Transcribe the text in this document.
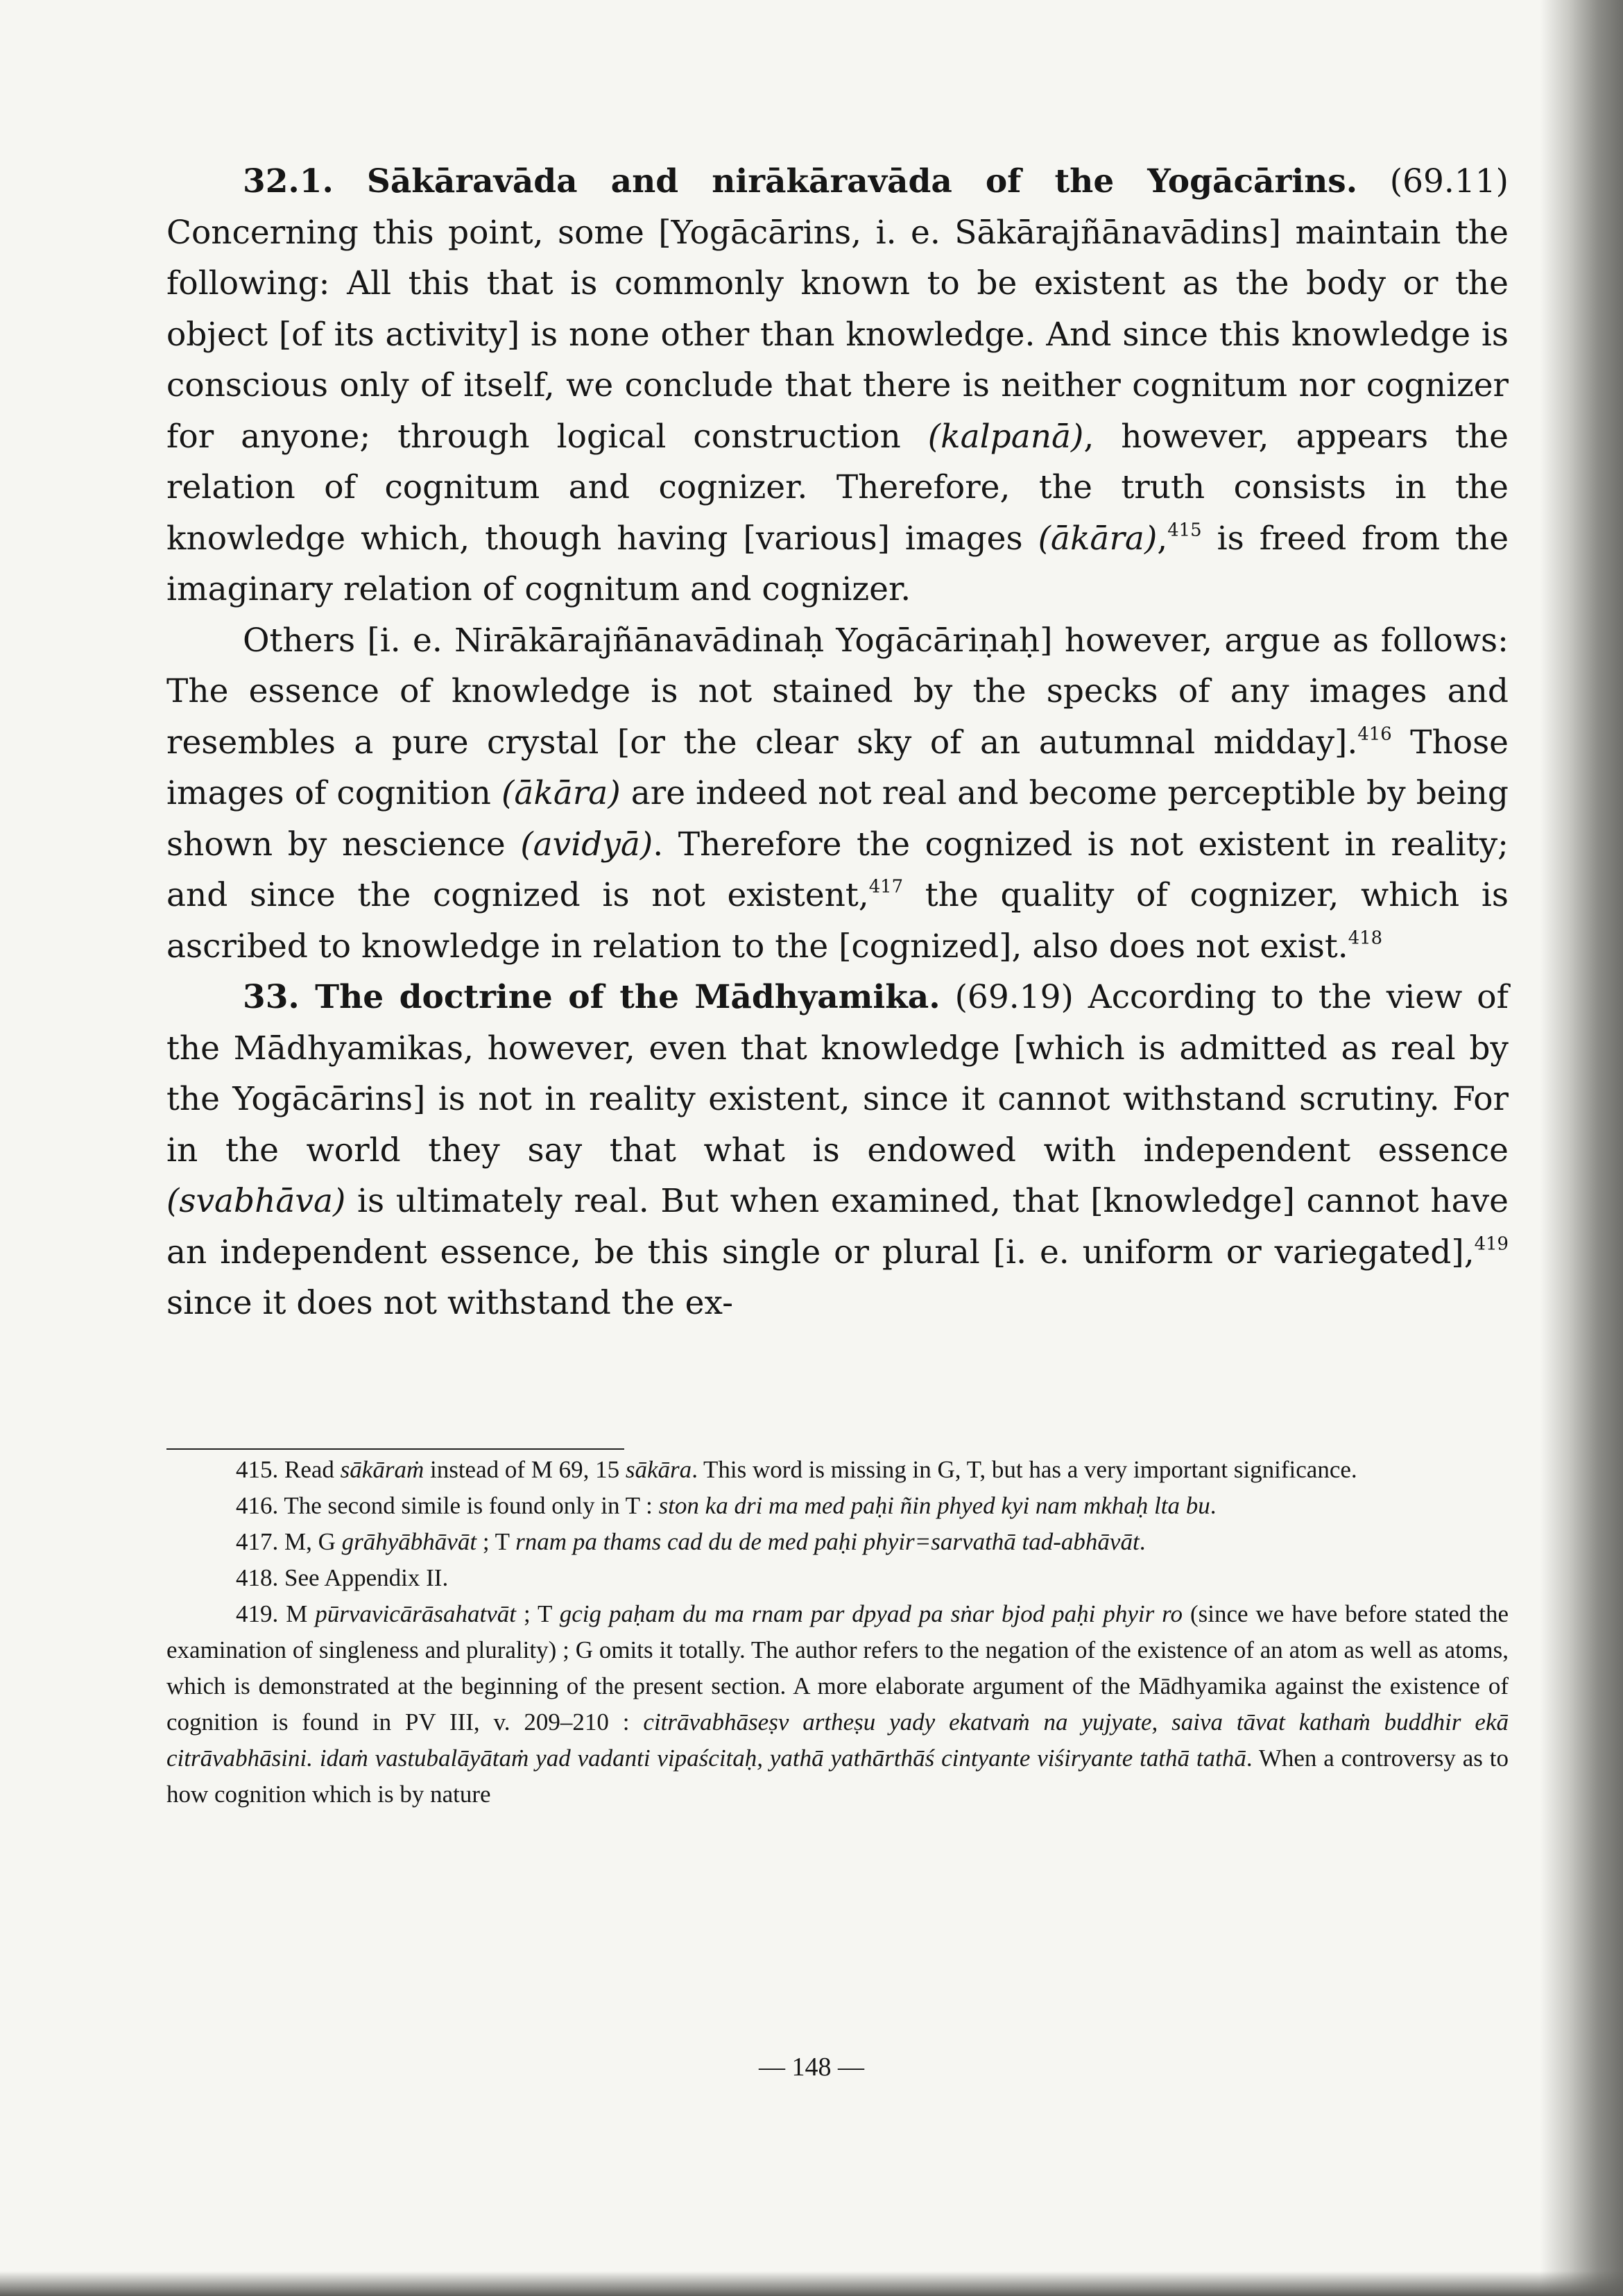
32.1. Sākāravāda and nirākāravāda of the Yogācārins. (69.11) Concerning this point, some [Yogācārins, i. e. Sākārajñānavādins] maintain the following: All this that is commonly known to be existent as the body or the object [of its activity] is none other than knowledge. And since this knowledge is conscious only of itself, we conclude that there is neither cognitum nor cognizer for anyone; through logical construction (kalpanā), however, appears the relation of cognitum and cognizer. Therefore, the truth consists in the knowledge which, though having [various] images (ākāra),$^{415}$ is freed from the imaginary relation of cognitum and cognizer.

Others [i. e. Nirākārajñānavādinaḥ Yogācāriṇaḥ] however, argue as follows: The essence of knowledge is not stained by the specks of any images and resembles a pure crystal [or the clear sky of an autumnal midday].$^{416}$ Those images of cognition (ākāra) are indeed not real and become perceptible by being shown by nescience (avidyā). Therefore the cognized is not existent in reality; and since the cognized is not existent,$^{417}$ the quality of cognizer, which is ascribed to knowledge in relation to the [cognized], also does not exist.$^{418}$

33. The doctrine of the Mādhyamika. (69.19) According to the view of the Mādhyamikas, however, even that knowledge [which is admitted as real by the Yogācārins] is not in reality existent, since it cannot withstand scrutiny. For in the world they say that what is endowed with independent essence (svabhāva) is ultimately real. But when examined, that [knowledge] cannot have an independent essence, be this single or plural [i. e. uniform or variegated],$^{419}$ since it does not withstand the ex-

415. Read sākāraṁ instead of M 69, 15 sākāra. This word is missing in G, T, but has a very important significance.

416. The second simile is found only in T : ston ka dri ma med paḥi ñin phyed kyi nam mkhaḥ lta bu.

417. M, G grāhyābhāvāt ; T rnam pa thams cad du de med paḥi phyir=sarvathā tad-abhāvāt.

418. See Appendix II.

419. M pūrvavicārāsahatvāt ; T gcig paḥam du ma rnam par dpyad pa sṅar bjod paḥi phyir ro (since we have before stated the examination of singleness and plurality) ; G omits it totally. The author refers to the negation of the existence of an atom as well as atoms, which is demonstrated at the beginning of the present section. A more elaborate argument of the Mādhyamika against the existence of cognition is found in PV III, v. 209–210 : citrāvabhāseṣv artheṣu yady ekatvaṁ na yujyate, saiva tāvat kathaṁ buddhir ekā citrāvabhāsini. idaṁ vastubalāyātaṁ yad vadanti vipaścitaḥ, yathā yathārthāś cintyante viśiryante tathā tathā. When a controversy as to how cognition which is by nature

— 148 —
